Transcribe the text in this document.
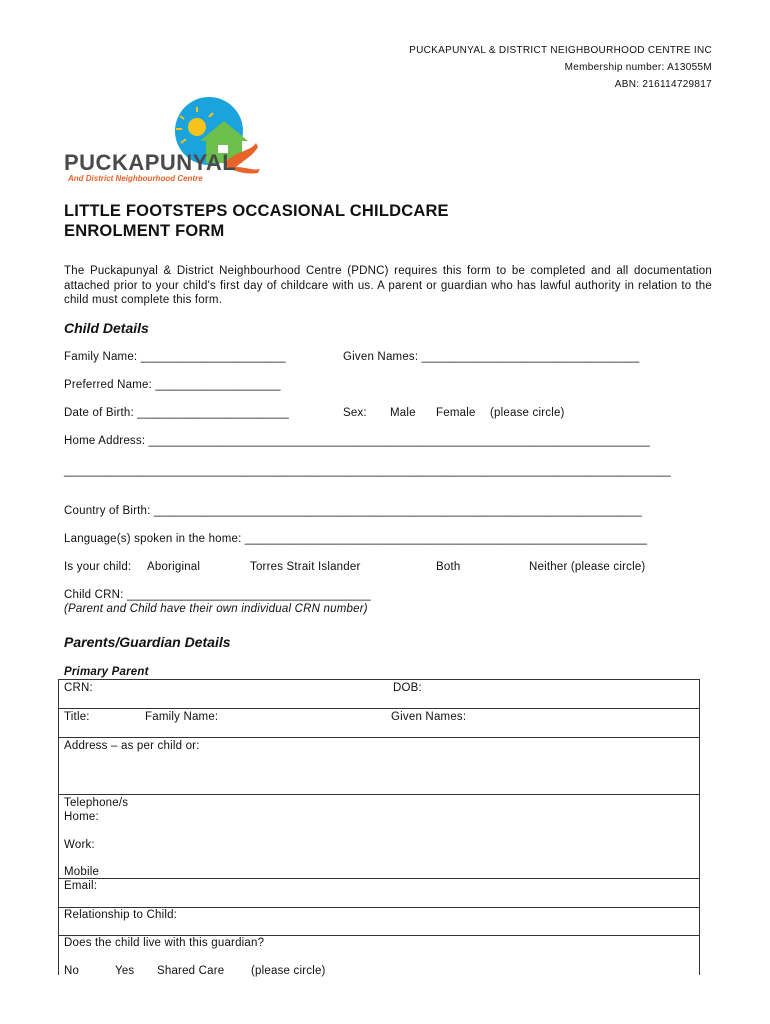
PUCKAPUNYAL & DISTRICT NEIGHBOURHOOD CENTRE INC
Membership number: A13055M
ABN: 216114729817
PUCKAPUNYAL
And District Neighbourhood Centre
LITTLE FOOTSTEPS OCCASIONAL CHILDCARE
ENROLMENT FORM
The Puckapunyal & District Neighbourhood Centre (PDNC) requires this form to be completed and all documentation attached prior to your child's first day of childcare with us. A parent or guardian who has lawful authority in relation to the child must complete this form.
Child Details
Family Name: ______________________	Given Names: _________________________________
Preferred Name: ___________________
Date of Birth: _______________________	Sex: Male Female (please circle)
Home Address: ____________________________________________________________________________
____________________________________________________________________________________________
Country of Birth: __________________________________________________________________________
Language(s) spoken in the home: _____________________________________________________________
Is your child: Aboriginal	Torres Strait Islander	Both	Neither (please circle)
Child CRN: _____________________________________
(Parent and Child have their own individual CRN number)
Parents/Guardian Details
Primary Parent
CRN:	DOB:
Title:	Family Name:	Given Names:
Address – as per child or:
Telephone/s
Home:
Work:
Mobile
Email:
Relationship to Child:
Does the child live with this guardian?
No	Yes Shared Care (please circle)
